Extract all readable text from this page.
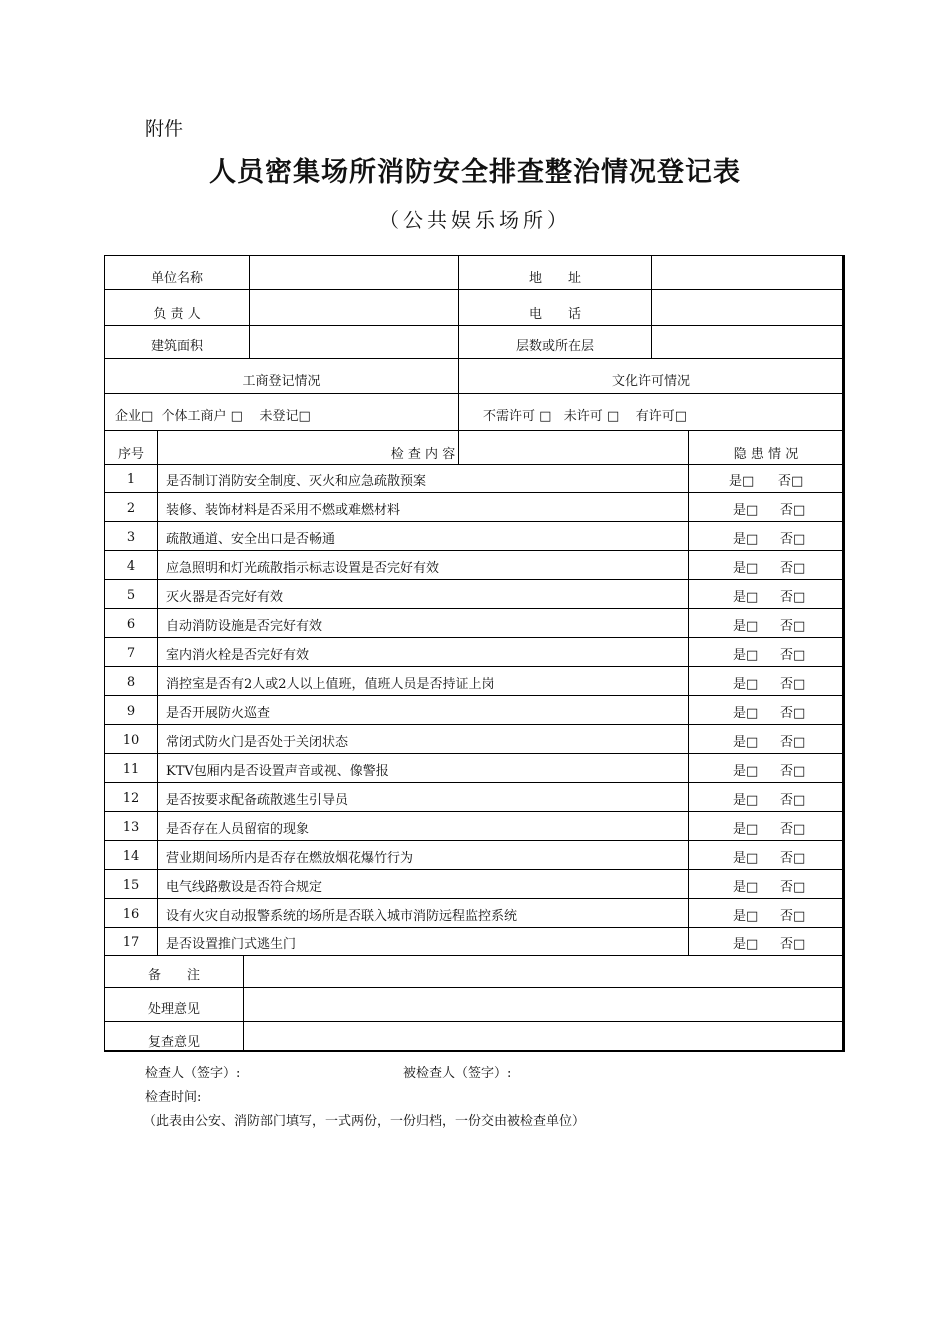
附件
人员密集场所消防安全排查整治情况登记表
（公共娱乐场所）
单位名称	地　　址
负 责 人	电　　话
建筑面积	层数或所在层
工商登记情况	文化许可情况
企业□  个体工商户 □    未登记□	不需许可 □   未许可 □    有许可□
序号	检 查 内 容	隐 患 情 况
1	是否制订消防安全制度、灭火和应急疏散预案	是□	否□
2	装修、装饰材料是否采用不燃或难燃材料	是□	否□
3	疏散通道、安全出口是否畅通	是□	否□
4	应急照明和灯光疏散指示标志设置是否完好有效	是□	否□
5	灭火器是否完好有效	是□	否□
6	自动消防设施是否完好有效	是□	否□
7	室内消火栓是否完好有效	是□	否□
8	消控室是否有2人或2人以上值班，值班人员是否持证上岗	是□	否□
9	是否开展防火巡查	是□	否□
10	常闭式防火门是否处于关闭状态	是□	否□
11	KTV包厢内是否设置声音或视、像警报	是□	否□
12	是否按要求配备疏散逃生引导员	是□	否□
13	是否存在人员留宿的现象	是□	否□
14	营业期间场所内是否存在燃放烟花爆竹行为	是□	否□
15	电气线路敷设是否符合规定	是□	否□
16	设有火灾自动报警系统的场所是否联入城市消防远程监控系统	是□	否□
17	是否设置推门式逃生门	是□	否□
备　　注
处理意见
复查意见
检查人（签字）:	被检查人（签字）:
检查时间:
（此表由公安、消防部门填写，一式两份，一份归档，一份交由被检查单位）
